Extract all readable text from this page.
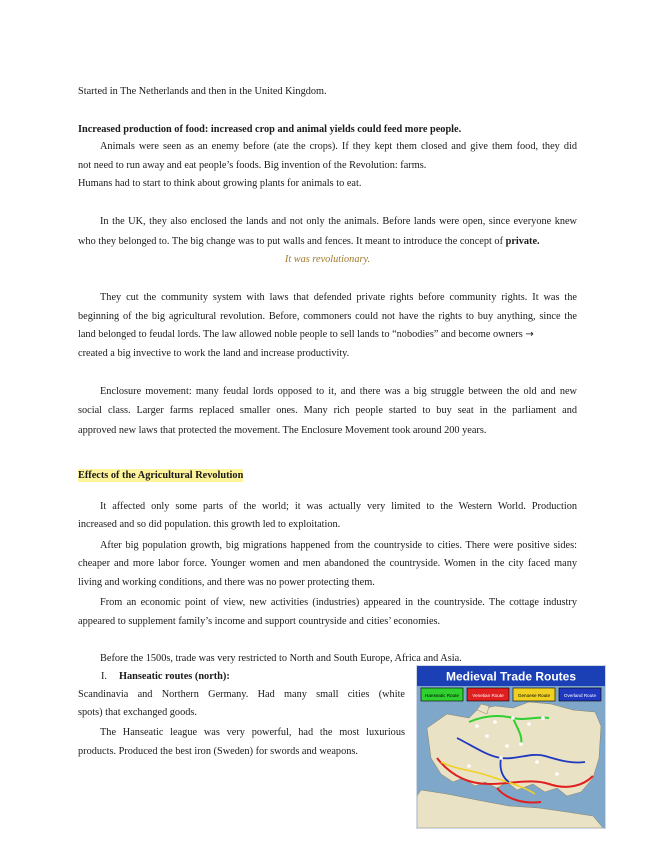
Started in The Netherlands and then in the United Kingdom.
Increased production of food: increased crop and animal yields could feed more people.
Animals were seen as an enemy before (ate the crops). If they kept them closed and give them food, they did
not need to run away and eat people’s foods. Big invention of the Revolution: farms.
Humans had to start to think about growing plants for animals to eat.
In the UK, they also enclosed the lands and not only the animals. Before lands were open, since everyone knew
who they belonged to. The big change was to put walls and fences. It meant to introduce the concept of private.
It was revolutionary.
They cut the community system with laws that defended private rights before community rights. It was the
beginning of the big agricultural revolution. Before, commoners could not have the rights to buy anything, since the
land belonged to feudal lords. The law allowed noble people to sell lands to “nobodies” and become owners →
created a big invective to work the land and increase productivity.
Enclosure movement: many feudal lords opposed to it, and there was a big struggle between the old and new
social class. Larger farms replaced smaller ones. Many rich people started to buy seat in the parliament and
approved new laws that protected the movement. The Enclosure Movement took around 200 years.
Effects of the Agricultural Revolution
It affected only some parts of the world; it was actually very limited to the Western World. Production
increased and so did population. this growth led to exploitation.
After big population growth, big migrations happened from the countryside to cities. There were positive sides:
cheaper and more labor force. Younger women and men abandoned the countryside. Women in the city faced many
living and working conditions, and there was no power protecting them.
From an economic point of view, new activities (industries) appeared in the countryside. The cottage industry
appeared to supplement family’s income and support countryside and cities’ economies.
Before the 1500s, trade was very restricted to North and South Europe, Africa and Asia.
I. Hanseatic routes (north):
Scandinavia and Northern Germany. Had many small cities (white
spots) that exchanged goods.
The Hanseatic league was very powerful, had the most luxurious
products. Produced the best iron (Sweden) for swords and weapons.
Medieval Trade Routes
Hanseatic Route	Venetian Route	Genoese Route	Overland Route
